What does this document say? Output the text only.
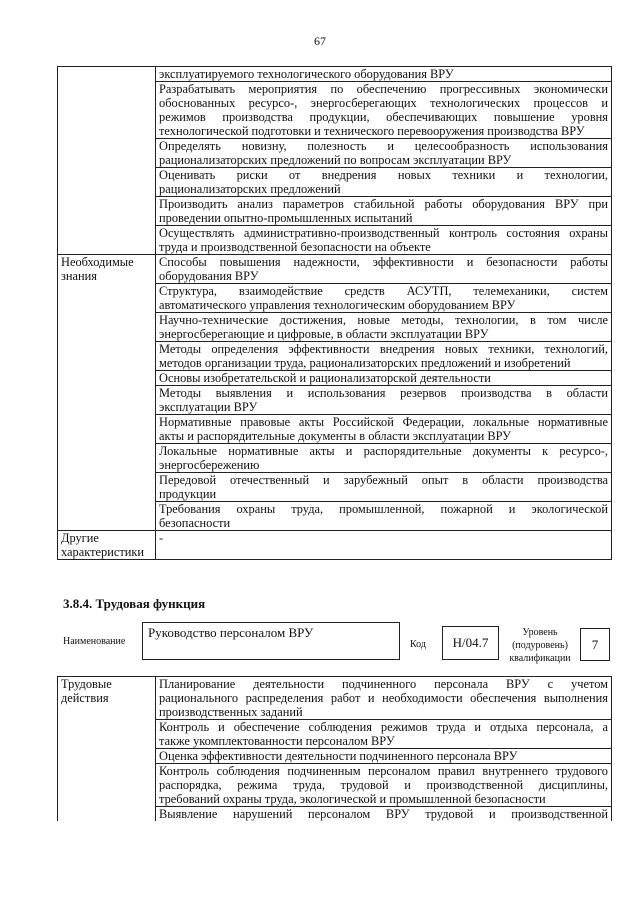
67

	эксплуатируемого технологического оборудования ВРУ

	Разрабатывать мероприятия по обеспечению прогрессивных экономически
обоснованных ресурсо-, энергосберегающих технологических процессов и
режимов производства продукции, обеспечивающих повышение уровня
технологической подготовки и технического перевооружения производства ВРУ

	Определять новизну, полезность и целесообразность использования
рационализаторских предложений по вопросам эксплуатации ВРУ

	Оценивать риски от внедрения новых техники и технологии,
рационализаторских предложений

	Производить анализ параметров стабильной работы оборудования ВРУ при
проведении опытно-промышленных испытаний

	Осуществлять административно-производственный контроль состояния охраны
труда и производственной безопасности на объекте

Необходимые знания	Способы повышения надежности, эффективности и безопасности работы
оборудования ВРУ

	Структура, взаимодействие средств АСУТП, телемеханики, систем
автоматического управления технологическим оборудованием ВРУ

	Научно-технические достижения, новые методы, технологии, в том числе
энергосберегающие и цифровые, в области эксплуатации ВРУ

	Методы определения эффективности внедрения новых техники, технологий,
методов организации труда, рационализаторских предложений и изобретений

	Основы изобретательской и рационализаторской деятельности

	Методы выявления и использования резервов производства в области
эксплуатации ВРУ

	Нормативные правовые акты Российской Федерации, локальные нормативные
акты и распорядительные документы в области эксплуатации ВРУ

	Локальные нормативные акты и распорядительные документы к ресурсо-,
энергосбережению

	Передовой отечественный и зарубежный опыт в области производства
продукции

	Требования охраны труда, промышленной, пожарной и экологической
безопасности

Другие характеристики	-
3.8.4. Трудовая функция
Наименование
Руководство персоналом ВРУ
Код H/04.7
Уровень
(подуровень)
квалификации
7
Трудовые действия	Планирование деятельности подчиненного персонала ВРУ с учетом
рационального распределения работ и необходимости обеспечения выполнения
производственных заданий

	Контроль и обеспечение соблюдения режимов труда и отдыха персонала, а
также укомплектованности персоналом ВРУ

	Оценка эффективности деятельности подчиненного персонала ВРУ

	Контроль соблюдения подчиненным персоналом правил внутреннего трудового
распорядка, режима труда, трудовой и производственной дисциплины,
требований охраны труда, экологической и промышленной безопасности

	Выявление нарушений персоналом ВРУ трудовой и производственной
